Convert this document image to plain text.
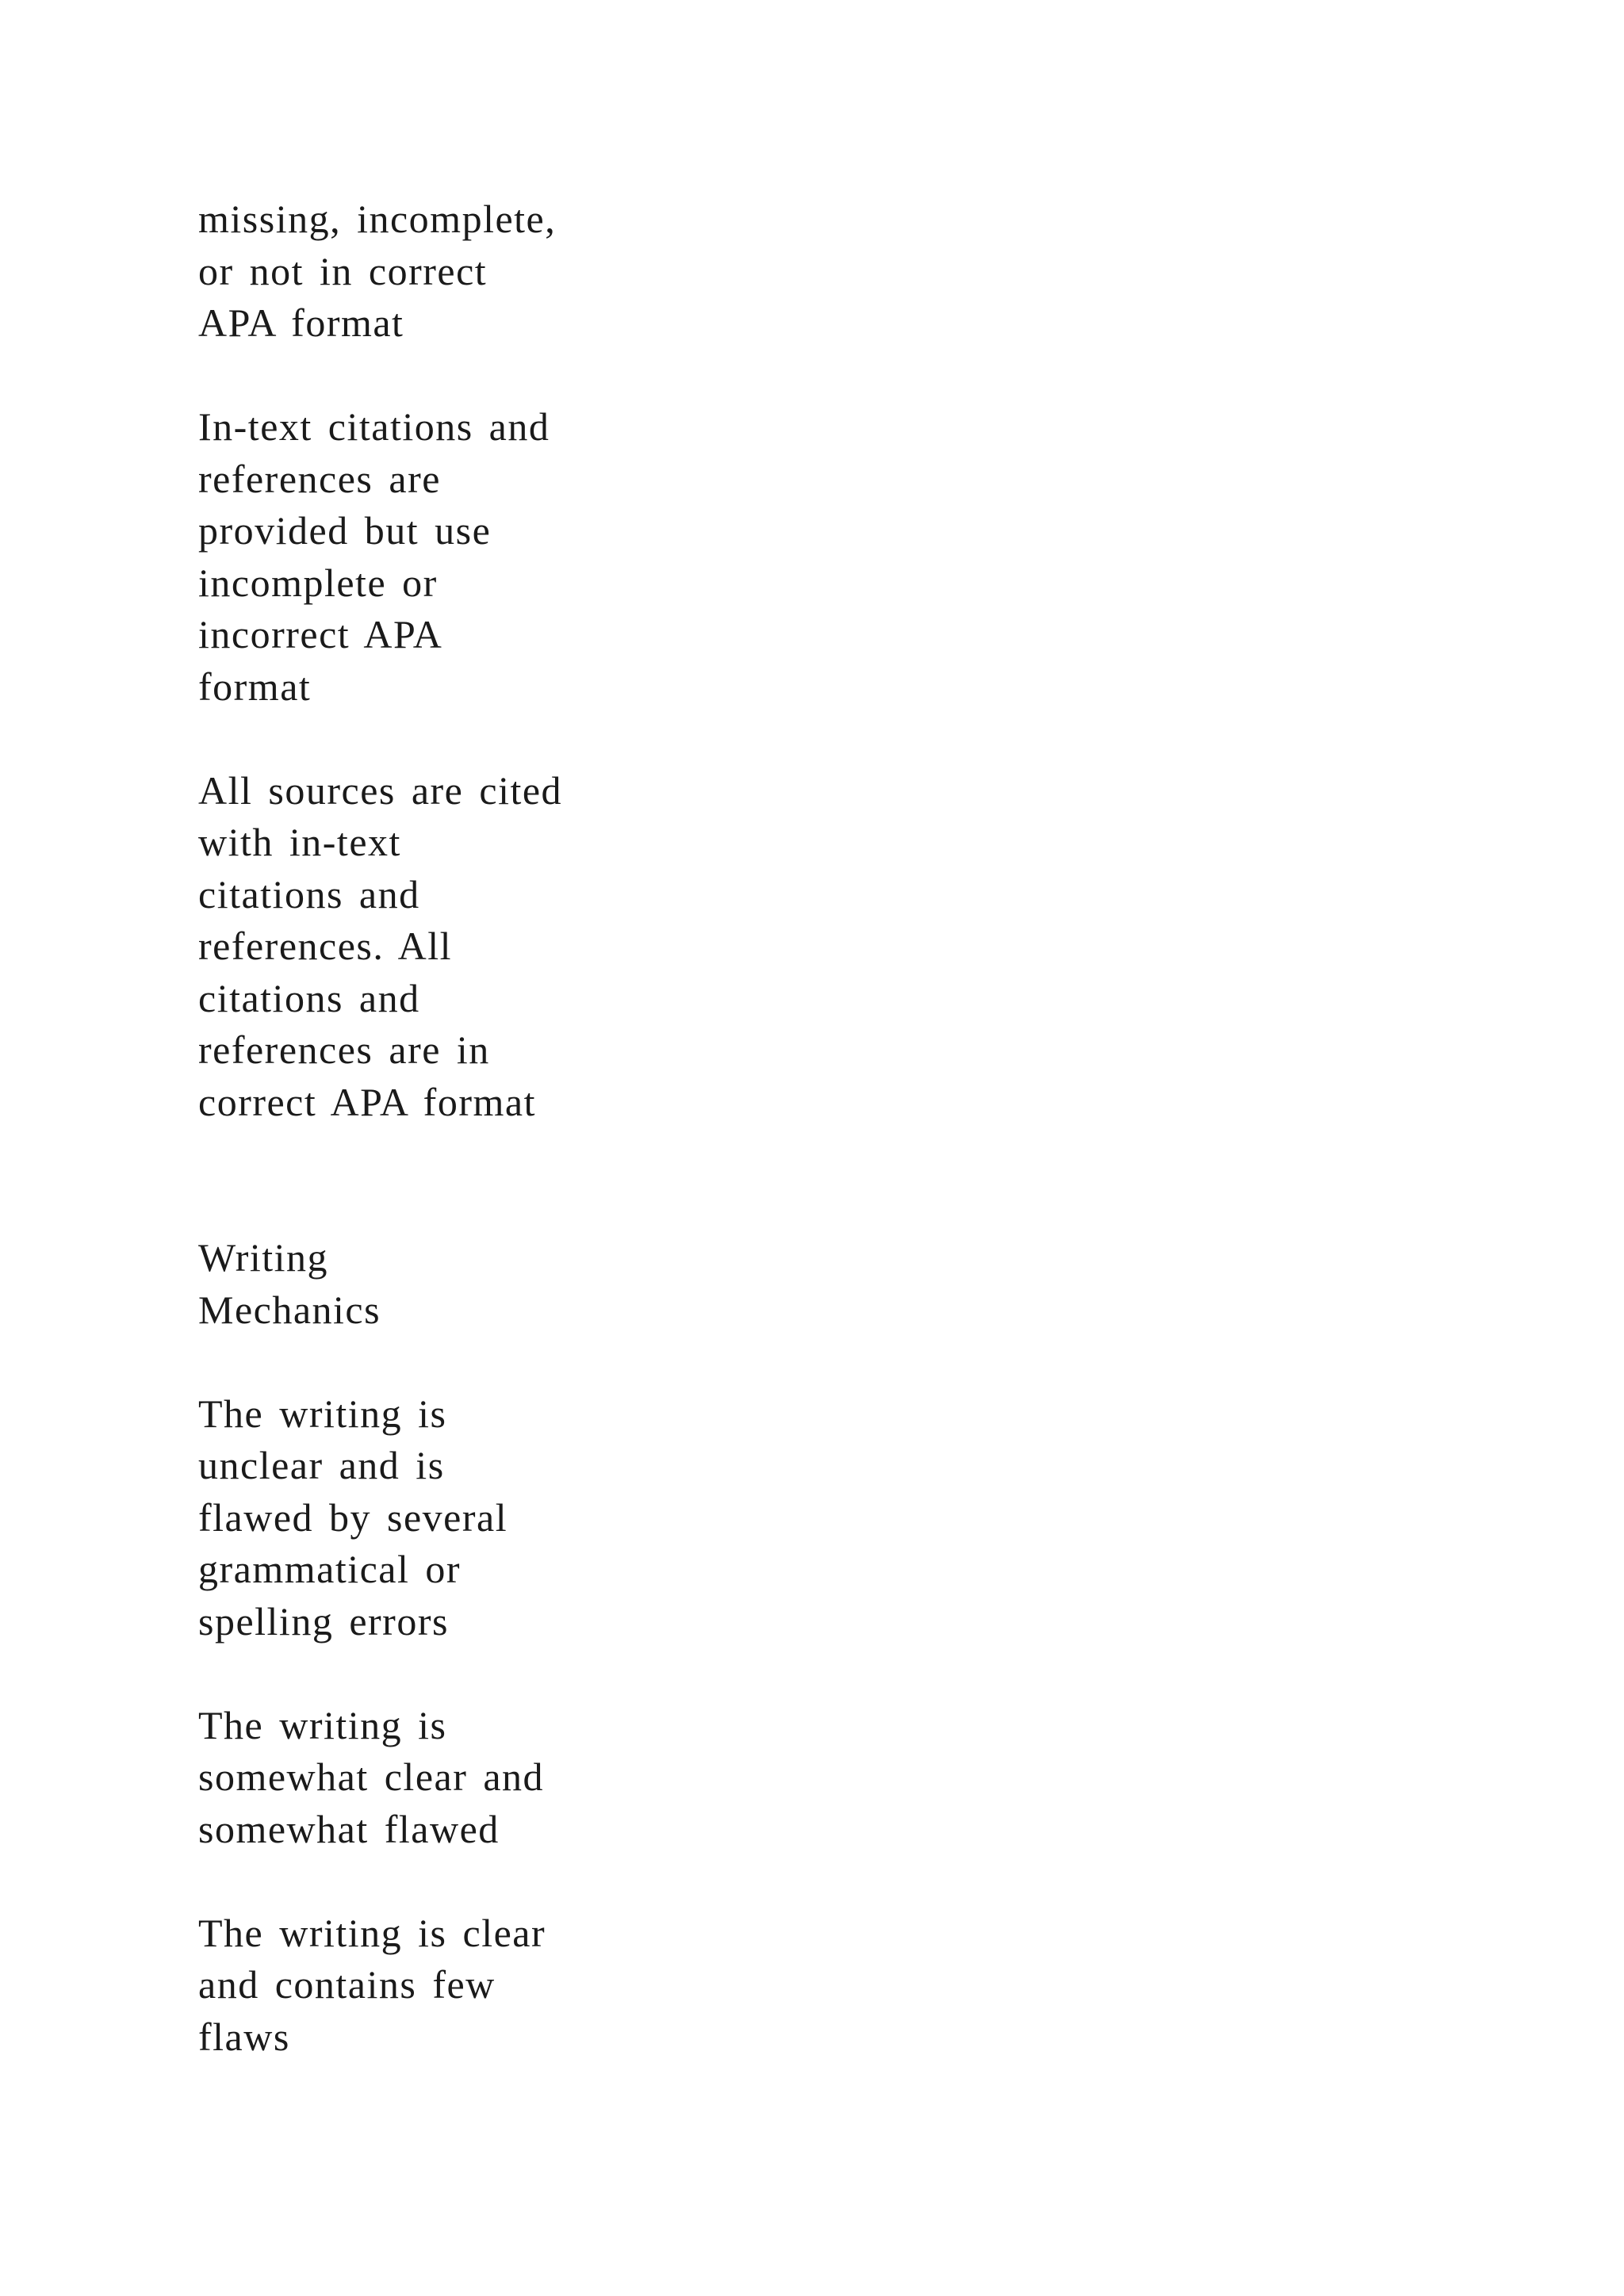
missing, incomplete,
or not in correct
APA format

In-text citations and
references are
provided but use
incomplete or
incorrect APA
format

All sources are cited
with in-text
citations and
references. All
citations and
references are in
correct APA format

Writing
Mechanics

The writing is
unclear and is
flawed by several
grammatical or
spelling errors

The writing is
somewhat clear and
somewhat flawed

The writing is clear
and contains few
flaws
